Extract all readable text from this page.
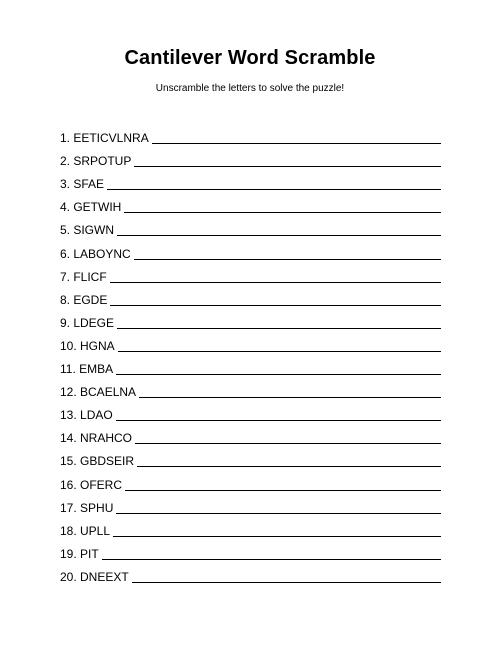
Cantilever Word Scramble
Unscramble the letters to solve the puzzle!
1. EETICVLNRA
2. SRPOTUP
3. SFAE
4. GETWIH
5. SIGWN
6. LABOYNC
7. FLICF
8. EGDE
9. LDEGE
10. HGNA
11. EMBA
12. BCAELNA
13. LDAO
14. NRAHCO
15. GBDSEIR
16. OFERC
17. SPHU
18. UPLL
19. PIT
20. DNEEXT
